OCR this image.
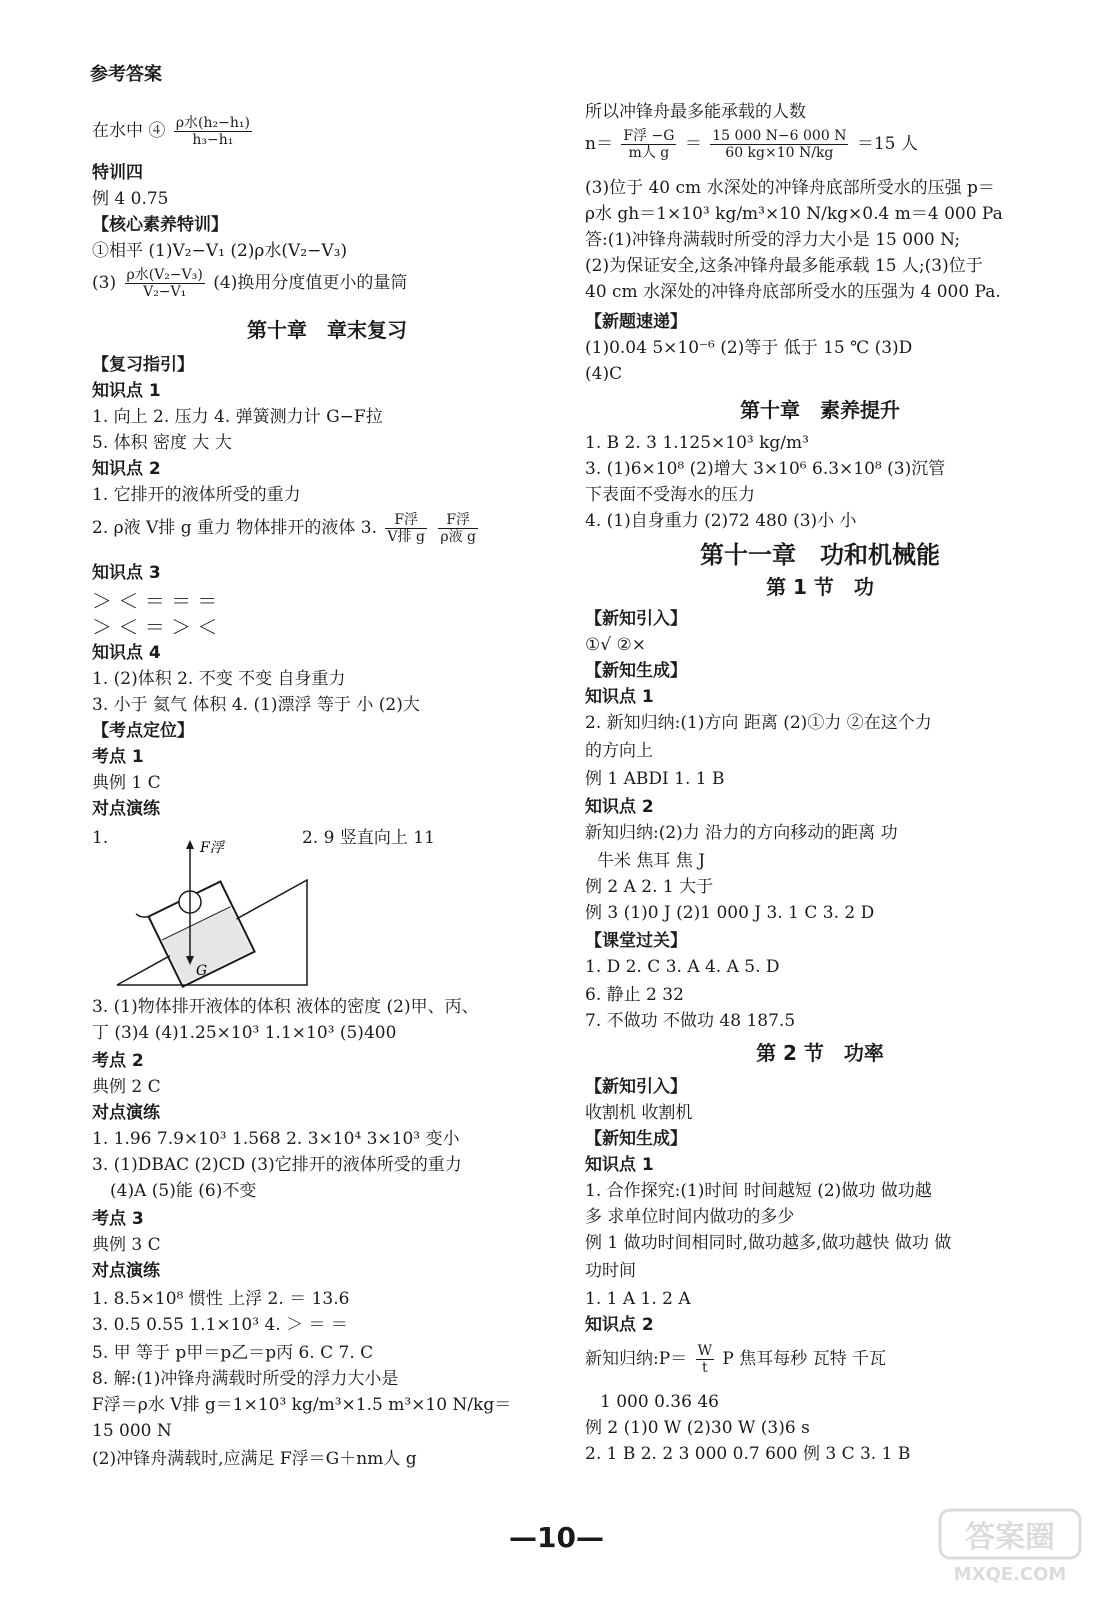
参考答案
在水中 ④ $\frac{\text{ρ水(h₂−h₁)}}{\text{h₃−h₁}}$
特训四
例 4 0.75
【核心素养特训】
①相平 (1)V₂−V₁ (2)ρ水(V₂−V₃)
$(3) \frac{\text{ρ水(V₂−V₃)}}{\text{V₂−V₁}} (4)$换用分度值更小的量筒
第十章　章末复习
【复习指引】
知识点 1
1. 向上 2. 压力 4. 弹簧测力计 G−F拉
5. 体积 密度 大 大
知识点 2
1. 它排开的液体所受的重力
2. ρ液 V排 g 重力 物体排开的液体 3. $\frac{\text{F浮}}{\text{V排 g}}$
$\frac{\text{F浮}}{\text{ρ液 g}}$
知识点 3
＞ ＜ ＝ ＝ ＝
＞ ＜ ＝ ＞ ＜
知识点 4
1. (2)体积 2. 不变 不变 自身重力
3. 小于 氦气 体积 4. (1)漂浮 等于 小 (2)大
【考点定位】
考点 1
典例 1 C
对点演练
1.	2. 9 竖直向上 11
F浮
G
3. (1)物体排开液体的体积 液体的密度 (2)甲、丙、
丁 (3)4 (4)1.25×10³ 1.1×10³ (5)400
考点 2
典例 2 C
对点演练
1. 1.96 7.9×10³ 1.568 2. 3×10⁴ 3×10³ 变小
3. (1)DBAC (2)CD (3)它排开的液体所受的重力
(4)A (5)能 (6)不变
考点 3
典例 3 C
对点演练
1. 8.5×10⁸ 惯性 上浮 2. ＝ 13.6
3. 0.5 0.55 1.1×10³ 4. ＞ ＝ ＝
5. 甲 等于 p甲＝p乙＝p丙 6. C 7. C
8. 解:(1)冲锋舟满载时所受的浮力大小是
F浮＝ρ水 V排 g＝1×10³ kg/m³×1.5 m³×10 N/kg＝
15 000 N
(2)冲锋舟满载时,应满足 F浮＝G＋nm人 g
所以冲锋舟最多能承载的人数
$n= \frac{\text{F浮 −G}}{\text{m人 g}} = \frac{15 000 N-6 000 N}{60 kg\times 10 N/kg} =15$ 人
(3)位于 40 cm 水深处的冲锋舟底部所受水的压强 p＝
ρ水 gh＝1×10³ kg/m³×10 N/kg×0.4 m＝4 000 Pa
答:(1)冲锋舟满载时所受的浮力大小是 15 000 N;
(2)为保证安全,这条冲锋舟最多能承载 15 人;(3)位于
40 cm 水深处的冲锋舟底部所受水的压强为 4 000 Pa.
【新题速递】
(1)0.04 5×10⁻⁶ (2)等于 低于 15 ℃ (3)D
(4)C
第十章　素养提升
1. B 2. 3 1.125×10³ kg/m³
3. (1)6×10⁸ (2)增大 3×10⁶ 6.3×10⁸ (3)沉管
下表面不受海水的压力
4. (1)自身重力 (2)72 480 (3)小 小
第十一章　功和机械能
第 1 节　功
【新知引入】
①√ ②×
【新知生成】
知识点 1
2. 新知归纳:(1)方向 距离 (2)①力 ②在这个力
的方向上
例 1 ABDI 1. 1 B
知识点 2
新知归纳:(2)力 沿力的方向移动的距离 功
牛米 焦耳 焦 J
例 2 A 2. 1 大于
例 3 (1)0 J (2)1 000 J 3. 1 C 3. 2 D
【课堂过关】
1. D 2. C 3. A 4. A 5. D
6. 静止 2 32
7. 不做功 不做功 48 187.5
第 2 节　功率
【新知引入】
收割机 收割机
【新知生成】
知识点 1
1. 合作探究:(1)时间 时间越短 (2)做功 做功越
多 求单位时间内做功的多少
例 1 做功时间相同时,做功越多,做功越快 做功 做
功时间
1. 1 A 1. 2 A
知识点 2
新知归纳:P＝ $\frac{W}{t}$ P 焦耳每秒 瓦特 千瓦
1 000 0.36 46
例 2 (1)0 W (2)30 W (3)6 s
2. 1 B 2. 2 3 000 0.7 600 例 3 C 3. 1 B
—10—	答案圈
MXQE.COM
